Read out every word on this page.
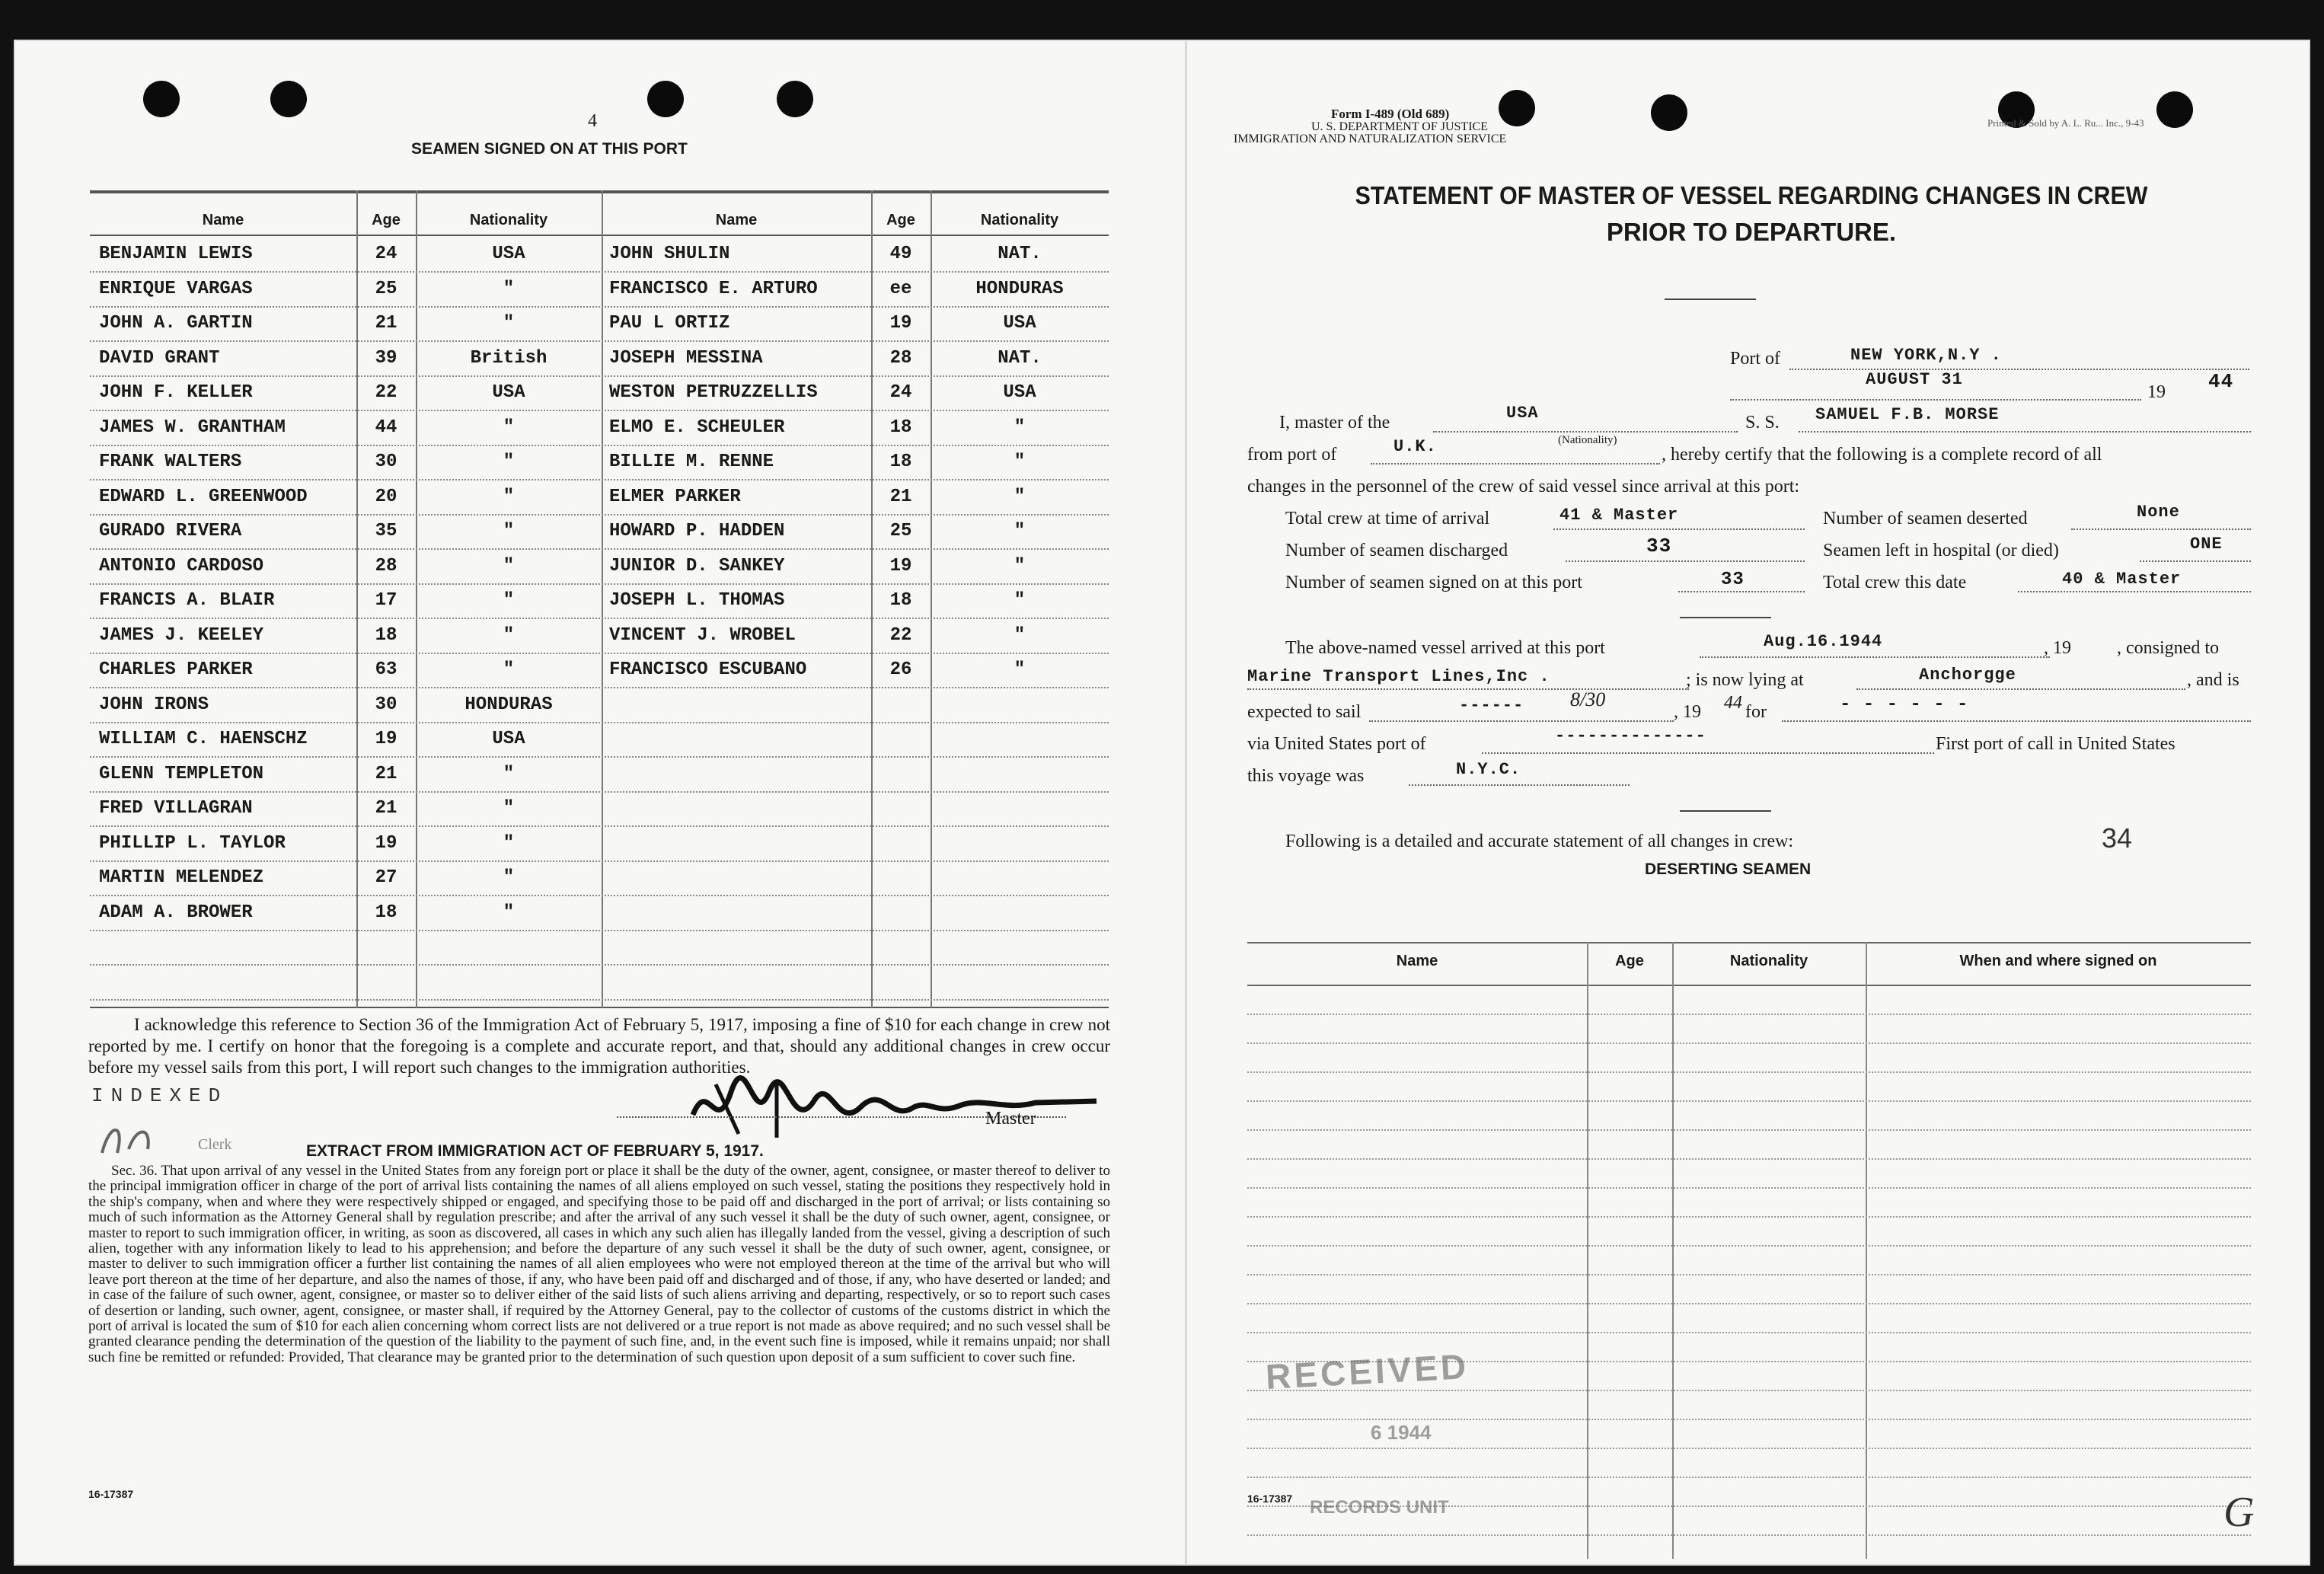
4
SEAMEN SIGNED ON AT THIS PORT
Name	Age	Nationality	Name	Age	Nationality
BENJAMIN LEWIS	24	USA	JOHN SHULIN	49	NAT.
ENRIQUE VARGAS	25	"	FRANCISCO E. ARTURO	ee	HONDURAS
JOHN A. GARTIN	21	"	PAU L ORTIZ	19	USA
DAVID GRANT	39	British	JOSEPH MESSINA	28	NAT.
JOHN F. KELLER	22	USA	WESTON PETRUZZELLIS	24	USA
JAMES W. GRANTHAM	44	"	ELMO E. SCHEULER	18	"
FRANK WALTERS	30	"	BILLIE M. RENNE	18	"
EDWARD L. GREENWOOD	20	"	ELMER PARKER	21	"
GURADO RIVERA	35	"	HOWARD P. HADDEN	25	"
ANTONIO CARDOSO	28	"	JUNIOR D. SANKEY	19	"
FRANCIS A. BLAIR	17	"	JOSEPH L. THOMAS	18	"
JAMES J. KEELEY	18	"	VINCENT J. WROBEL	22	"
CHARLES PARKER	63	"	FRANCISCO ESCUBANO	26	"
JOHN IRONS	30	HONDURAS
WILLIAM C. HAENSCHZ	19	USA
GLENN TEMPLETON	21	"
FRED VILLAGRAN	21	"
PHILLIP L. TAYLOR	19	"
MARTIN MELENDEZ	27	"
ADAM A. BROWER	18	"
I acknowledge this reference to Section 36 of the Immigration Act of February 5, 1917, imposing a fine of $10 for each change in crew not reported by me. I certify on honor that the foregoing is a complete and accurate report, and that, should any additional changes in crew occur before my vessel sails from this port, I will report such changes to the immigration authorities.
INDEXED
Master
Clerk	EXTRACT FROM IMMIGRATION ACT OF FEBRUARY 5, 1917.
Sec. 36. That upon arrival of any vessel in the United States from any foreign port or place it shall be the duty of the owner, agent, consignee, or master thereof to deliver to the principal immigration officer in charge of the port of arrival lists containing the names of all aliens employed on such vessel, stating the positions they respectively hold in the ship's company, when and where they were respectively shipped or engaged, and specifying those to be paid off and discharged in the port of arrival; or lists containing so much of such information as the Attorney General shall by regulation prescribe; and after the arrival of any such vessel it shall be the duty of such owner, agent, consignee, or master to report to such immigration officer, in writing, as soon as discovered, all cases in which any such alien has illegally landed from the vessel, giving a description of such alien, together with any information likely to lead to his apprehension; and before the departure of any such vessel it shall be the duty of such owner, agent, consignee, or master to deliver to such immigration officer a further list containing the names of all alien employees who were not employed thereon at the time of the arrival but who will leave port thereon at the time of her departure, and also the names of those, if any, who have been paid off and discharged and of those, if any, who have deserted or landed; and in case of the failure of such owner, agent, consignee, or master so to deliver either of the said lists of such aliens arriving and departing, respectively, or so to report such cases of desertion or landing, such owner, agent, consignee, or master shall, if required by the Attorney General, pay to the collector of customs of the customs district in which the port of arrival is located the sum of $10 for each alien concerning whom correct lists are not delivered or a true report is not made as above required; and no such vessel shall be granted clearance pending the determination of the question of the liability to the payment of such fine, and, in the event such fine is imposed, while it remains unpaid; nor shall such fine be remitted or refunded: Provided, That clearance may be granted prior to the determination of such question upon deposit of a sum sufficient to cover such fine.
16-17387
Form I-489 (Old 689)
U. S. DEPARTMENT OF JUSTICE
IMMIGRATION AND NATURALIZATION SERVICE
Printed & Sold by A. L. Ru... Inc., 9-43
STATEMENT OF MASTER OF VESSEL REGARDING CHANGES IN CREW
PRIOR TO DEPARTURE.
Port of	NEW YORK,N.Y .
AUGUST 31
19 44
I, master of the	USA	S. S. SAMUEL F.B. MORSE
from port of	U.K.	(Nationality)
, hereby certify that the following is a complete record of all
changes in the personnel of the crew of said vessel since arrival at this port:
Total crew at time of arrival	41 & Master	Number of seamen deserted	None
Number of seamen discharged	33	Seamen left in hospital (or died)	ONE
Number of seamen signed on at this port	33	Total crew this date	40 & Master
The above-named vessel arrived at this port	Aug.16.1944	, 19	, consigned to
Marine Transport Lines,Inc .	; is now lying at	Anchorgge	, and is
expected to sail	------ 8/30
, 19 44 for	- - - - - -
via United States port of	--------------	First port of call in United States
this voyage was	N.Y.C.
Following is a detailed and accurate statement of all changes in crew:	34
DESERTING SEAMEN
Name	Age	Nationality	When and where signed on
RECEIVED
6 1944
RECORDS UNIT	G
16-17387
